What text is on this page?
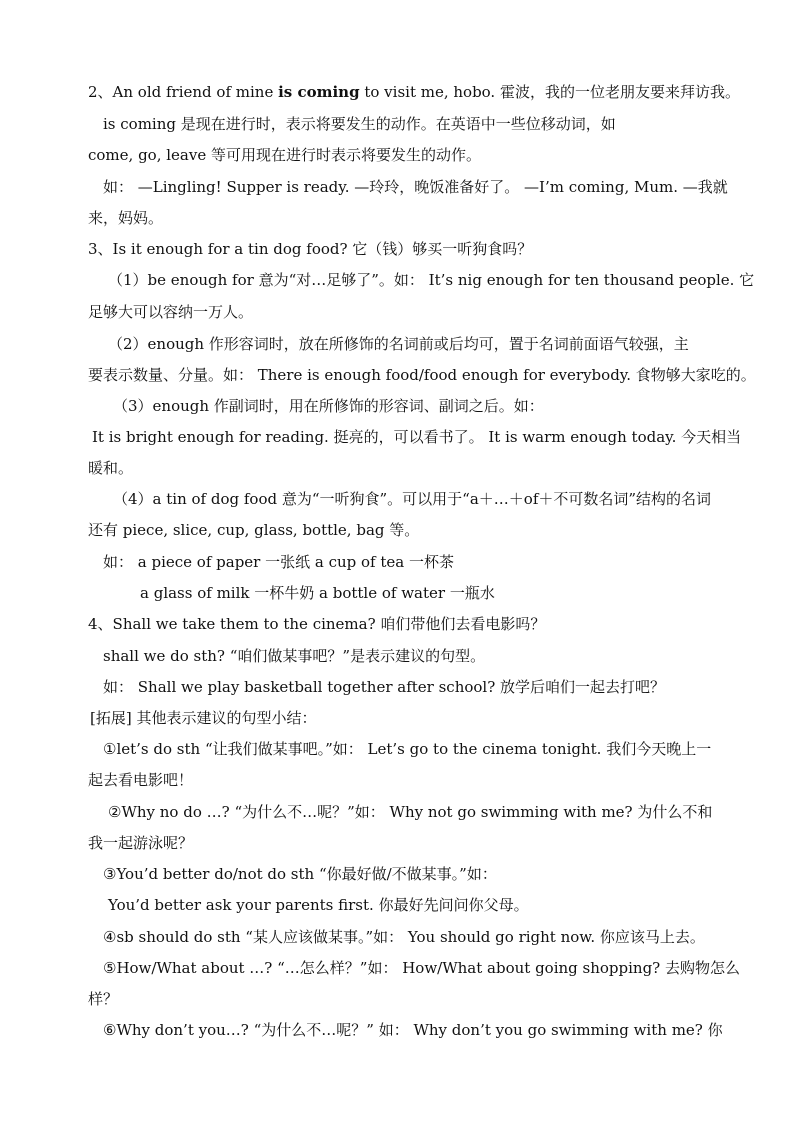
2、An old friend of mine is coming to visit me, hobo. 霍波，我的一位老朋友要来拜访我。
is coming 是现在进行时，表示将要发生的动作。在英语中一些位移动词，如
come, go, leave 等可用现在进行时表示将要发生的动作。
如： —Lingling! Supper is ready. —玲玲，晚饭准备好了。 —I’m coming, Mum. —我就
来，妈妈。
3、Is it enough for a tin dog food? 它（钱）够买一听狗食吗？
（1）be enough for 意为“对…足够了”。如： It’s nig enough for ten thousand people. 它
足够大可以容纳一万人。
（2）enough 作形容词时，放在所修饰的名词前或后均可，置于名词前面语气较强，主
要表示数量、分量。如： There is enough food/food enough for everybody. 食物够大家吃的。
（3）enough 作副词时，用在所修饰的形容词、副词之后。如：
It is bright enough for reading. 挺亮的，可以看书了。 It is warm enough today. 今天相当
暖和。
（4）a tin of dog food 意为“一听狗食”。可以用于“a＋…＋of＋不可数名词”结构的名词
还有 piece, slice, cup, glass, bottle, bag 等。
如： a piece of paper 一张纸 a cup of tea 一杯茶
a glass of milk 一杯牛奶 a bottle of water 一瓶水
4、Shall we take them to the cinema? 咱们带他们去看电影吗？
shall we do sth? “咱们做某事吧？”是表示建议的句型。
如： Shall we play basketball together after school? 放学后咱们一起去打吧？
[拓展] 其他表示建议的句型小结：
①let’s do sth “让我们做某事吧。”如： Let’s go to the cinema tonight. 我们今天晚上一
起去看电影吧！
②Why no do …? “为什么不…呢？”如： Why not go swimming with me? 为什么不和
我一起游泳呢？
③You’d better do/not do sth “你最好做/不做某事。”如：
You’d better ask your parents first. 你最好先问问你父母。
④sb should do sth “某人应该做某事。”如： You should go right now. 你应该马上去。
⑤How/What about …? “…怎么样？”如： How/What about going shopping? 去购物怎么
样？
⑥Why don’t you…? “为什么不…呢？” 如： Why don’t you go swimming with me? 你
